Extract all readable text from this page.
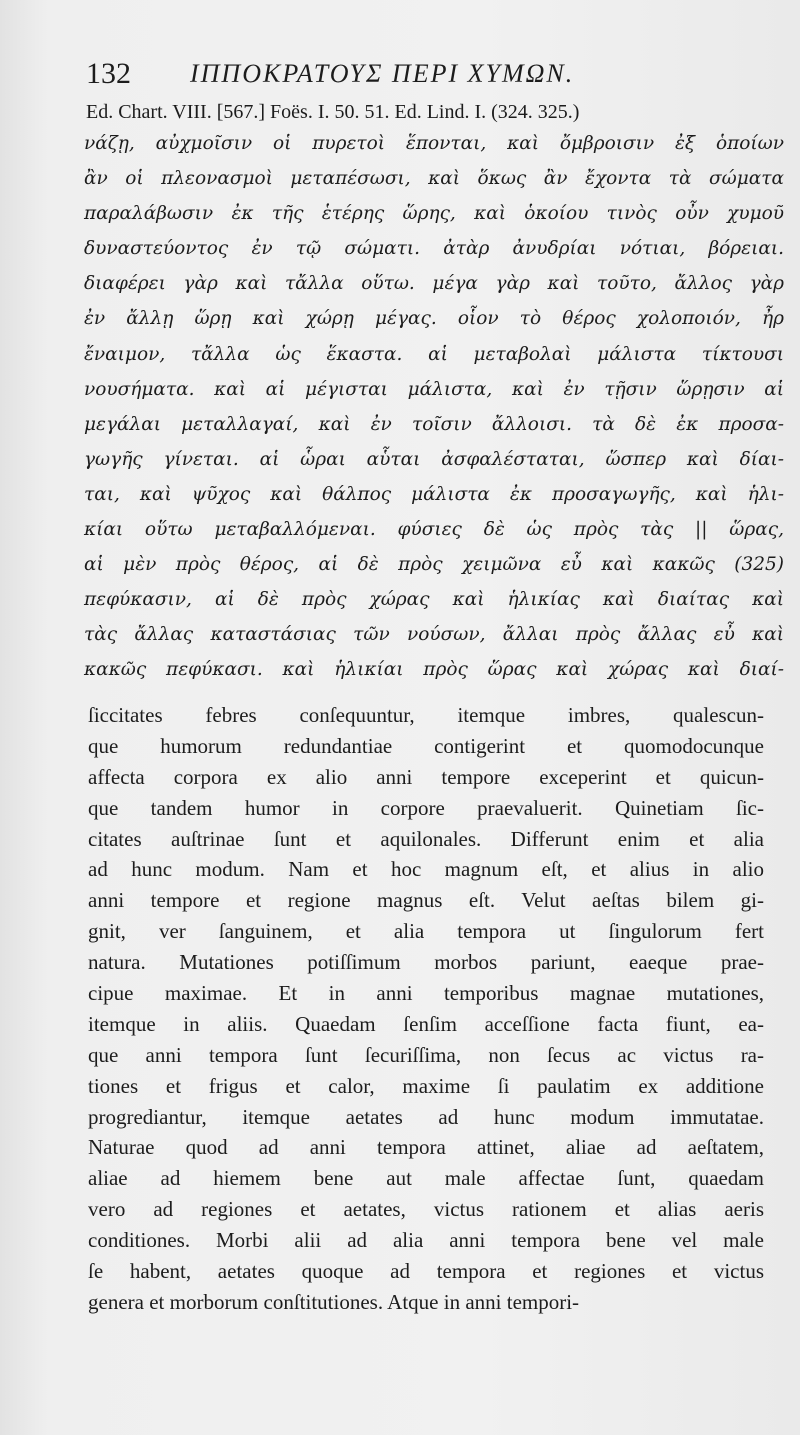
132 ΙΠΠΟΚΡΑΤΟΥΣ ΠΕΡΙ ΧΥΜΩΝ.
Ed. Chart. VIII. [567.] Foës. I. 50. 51. Ed. Lind. I. (324. 325.)
νάζῃ, αὐχμοῖσιν οἱ πυρετοὶ ἕπονται, καὶ ὄμβροισιν ἐξ ὁποίων
ἂν οἱ πλεονασμοὶ μεταπέσωσι, καὶ ὅκως ἂν ἔχοντα τὰ σώματα
παραλάβωσιν ἐκ τῆς ἑτέρης ὥρης, καὶ ὁκοίου τινὸς οὖν χυμοῦ
δυναστεύοντος ἐν τῷ σώματι. ἀτὰρ ἀνυδρίαι νότιαι, βόρειαι.
διαφέρει γὰρ καὶ τἄλλα οὕτω. μέγα γὰρ καὶ τοῦτο, ἄλλος γὰρ
ἐν ἄλλῃ ὥρῃ καὶ χώρῃ μέγας. οἷον τὸ θέρος χολοποιόν, ἦρ
ἔναιμον, τἄλλα ὡς ἕκαστα. αἱ μεταβολαὶ μάλιστα τίκτουσι
νουσήματα. καὶ αἱ μέγισται μάλιστα, καὶ ἐν τῇσιν ὥρῃσιν αἱ
μεγάλαι μεταλλαγαί, καὶ ἐν τοῖσιν ἄλλοισι. τὰ δὲ ἐκ προσα-
γωγῆς γίνεται. αἱ ὧραι αὗται ἀσφαλέσταται, ὥσπερ καὶ δίαι-
ται, καὶ ψῦχος καὶ θάλπος μάλιστα ἐκ προσαγωγῆς, καὶ ἡλι-
κίαι οὕτω μεταβαλλόμεναι. φύσιες δὲ ὡς πρὸς τὰς || ὥρας,
αἱ μὲν πρὸς θέρος, αἱ δὲ πρὸς χειμῶνα εὖ καὶ κακῶς (325)
πεφύκασιν, αἱ δὲ πρὸς χώρας καὶ ἡλικίας καὶ διαίτας καὶ
τὰς ἄλλας καταστάσιας τῶν νούσων, ἄλλαι πρὸς ἄλλας εὖ καὶ
κακῶς πεφύκασι. καὶ ἡλικίαι πρὸς ὥρας καὶ χώρας καὶ διαί-
ſiccitates febres conſequuntur, itemque imbres, qualescun-
que humorum redundantiae contigerint et quomodocunque
affecta corpora ex alio anni tempore exceperint et quicun-
que tandem humor in corpore praevaluerit. Quinetiam ſic-
citates auſtrinae ſunt et aquilonales. Differunt enim et alia
ad hunc modum. Nam et hoc magnum eſt, et alius in alio
anni tempore et regione magnus eſt. Velut aeſtas bilem gi-
gnit, ver ſanguinem, et alia tempora ut ſingulorum fert
natura. Mutationes potiſſimum morbos pariunt, eaeque prae-
cipue maximae. Et in anni temporibus magnae mutationes,
itemque in aliis. Quaedam ſenſim acceſſione facta fiunt, ea-
que anni tempora ſunt ſecuriſſima, non ſecus ac victus ra-
tiones et frigus et calor, maxime ſi paulatim ex additione
progrediantur, itemque aetates ad hunc modum immutatae.
Naturae quod ad anni tempora attinet, aliae ad aeſtatem,
aliae ad hiemem bene aut male affectae ſunt, quaedam
vero ad regiones et aetates, victus rationem et alias aeris
conditiones. Morbi alii ad alia anni tempora bene vel male
ſe habent, aetates quoque ad tempora et regiones et victus
genera et morborum conſtitutiones. Atque in anni tempori-
